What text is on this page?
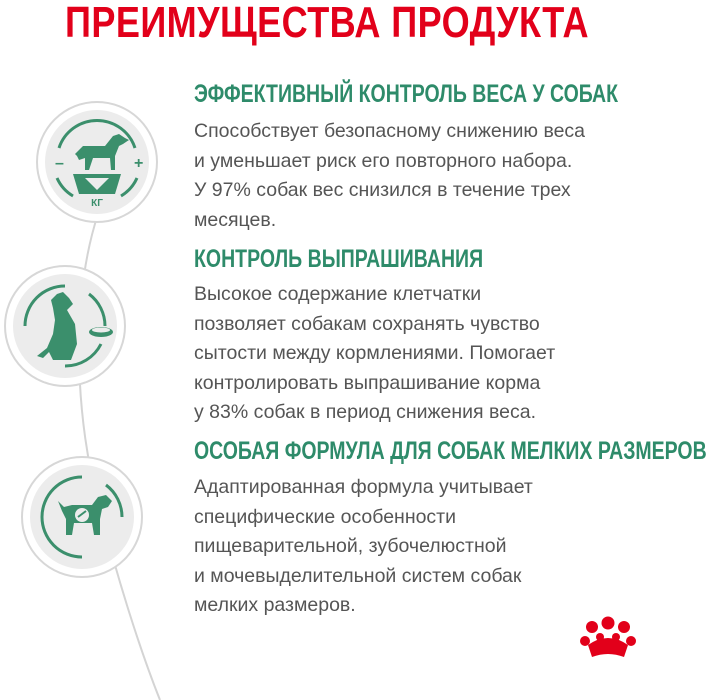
ПРЕИМУЩЕСТВА ПРОДУКТА
–	+
КГ
ЭФФЕКТИВНЫЙ КОНТРОЛЬ ВЕСА У СОБАК
Способствует безопасному снижению веса
и уменьшает риск его повторного набора.
У 97% собак вес снизился в течение трех
месяцев.
КОНТРОЛЬ ВЫПРАШИВАНИЯ
Высокое содержание клетчатки
позволяет собакам сохранять чувство
сытости между кормлениями. Помогает
контролировать выпрашивание корма
у 83% собак в период снижения веса.
ОСОБАЯ ФОРМУЛА ДЛЯ СОБАК МЕЛКИХ РАЗМЕРОВ
Адаптированная формула учитывает
специфические особенности
пищеварительной, зубочелюстной
и мочевыделительной систем собак
мелких размеров.
